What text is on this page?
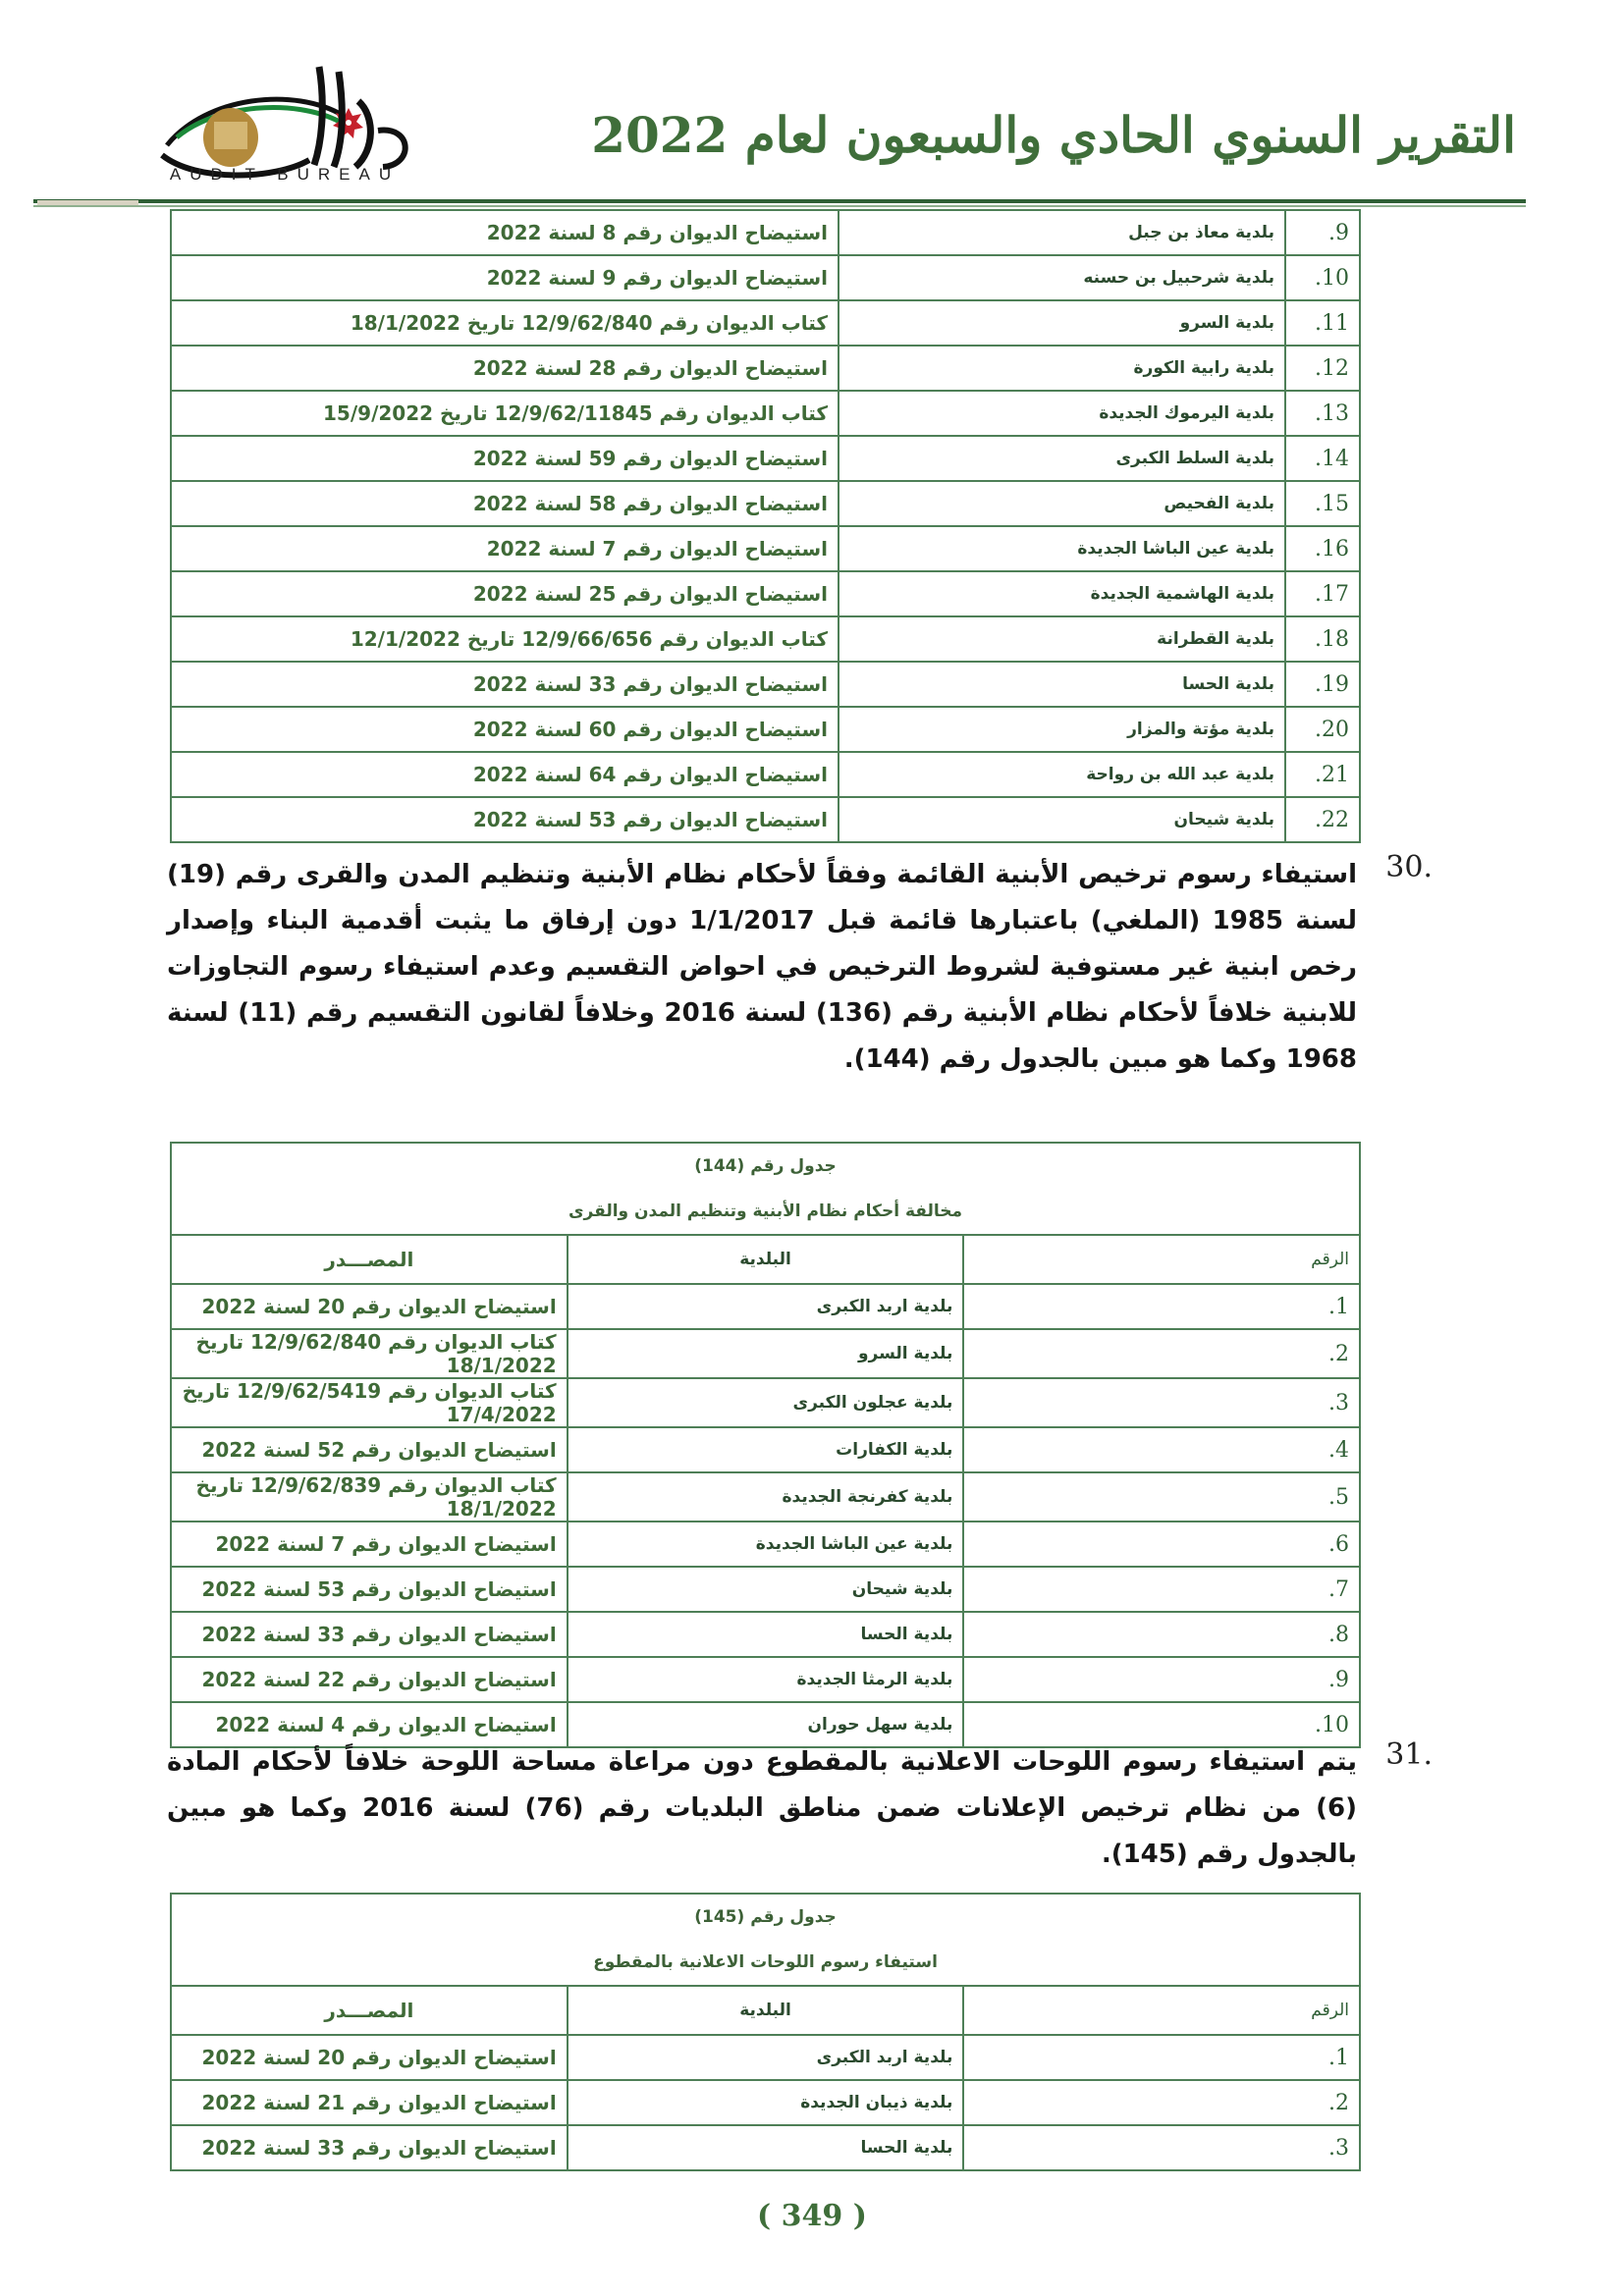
AUDIT BUREAU
التقرير السنوي الحادي والسبعون لعام 2022
9.	بلدية معاذ بن جبل	استيضاح الديوان رقم 8 لسنة 2022
10.	بلدية شرحبيل بن حسنه	استيضاح الديوان رقم 9 لسنة 2022
11.	بلدية السرو	كتاب الديوان رقم 12/9/62/840 تاريخ 18/1/2022
12.	بلدية رابية الكورة	استيضاح الديوان رقم 28 لسنة 2022
13.	بلدية اليرموك الجديدة	كتاب الديوان رقم 12/9/62/11845 تاريخ 15/9/2022
14.	بلدية السلط الكبرى	استيضاح الديوان رقم 59 لسنة 2022
15.	بلدية الفحيص	استيضاح الديوان رقم 58 لسنة 2022
16.	بلدية عين الباشا الجديدة	استيضاح الديوان رقم 7 لسنة 2022
17.	بلدية الهاشمية الجديدة	استيضاح الديوان رقم 25 لسنة 2022
18.	بلدية القطرانة	كتاب الديوان رقم 12/9/66/656 تاريخ 12/1/2022
19.	بلدية الحسا	استيضاح الديوان رقم 33 لسنة 2022
20.	بلدية مؤتة والمزار	استيضاح الديوان رقم 60 لسنة 2022
21.	بلدية عبد الله بن رواحة	استيضاح الديوان رقم 64 لسنة 2022
22.	بلدية شيحان	استيضاح الديوان رقم 53 لسنة 2022
30.
استيفاء رسوم ترخيص الأبنية القائمة وفقاً لأحكام نظام الأبنية وتنظيم المدن والقرى رقم (19) لسنة 1985 (الملغي) باعتبارها قائمة قبل 1/1/2017 دون إرفاق ما يثبت أقدمية البناء وإصدار رخص ابنية غير مستوفية لشروط الترخيص في احواض التقسيم وعدم استيفاء رسوم التجاوزات للابنية خلافاً لأحكام نظام الأبنية رقم (136) لسنة 2016 وخلافاً لقانون التقسيم رقم (11) لسنة 1968 وكما هو مبين بالجدول رقم (144).
جدول رقم (144)
مخالفة أحكام نظام الأبنية وتنظيم المدن والقرى		

الرقم	البلدية	المصـــدر
1.	بلدية اربد الكبرى	استيضاح الديوان رقم 20 لسنة 2022
2.	بلدية السرو	كتاب الديوان رقم 12/9/62/840 تاريخ 18/1/2022
3.	بلدية عجلون الكبرى	كتاب الديوان رقم 12/9/62/5419 تاريخ 17/4/2022
4.	بلدية الكفارات	استيضاح الديوان رقم 52 لسنة 2022
5.	بلدية كفرنجة الجديدة	كتاب الديوان رقم 12/9/62/839 تاريخ 18/1/2022
6.	بلدية عين الباشا الجديدة	استيضاح الديوان رقم 7 لسنة 2022
7.	بلدية شيحان	استيضاح الديوان رقم 53 لسنة 2022
8.	بلدية الحسا	استيضاح الديوان رقم 33 لسنة 2022
9.	بلدية الرمثا الجديدة	استيضاح الديوان رقم 22 لسنة 2022
10.	بلدية سهل حوران	استيضاح الديوان رقم 4 لسنة 2022
31.
يتم استيفاء رسوم اللوحات الاعلانية بالمقطوع دون مراعاة مساحة اللوحة خلافاً لأحكام المادة (6) من نظام ترخيص الإعلانات ضمن مناطق البلديات رقم (76) لسنة 2016 وكما هو مبين بالجدول رقم (145).
جدول رقم (145)
استيفاء رسوم اللوحات الاعلانية بالمقطوع		

الرقم	البلدية	المصـــدر
1.	بلدية اربد الكبرى	استيضاح الديوان رقم 20 لسنة 2022
2.	بلدية ذيبان الجديدة	استيضاح الديوان رقم 21 لسنة 2022
3.	بلدية الحسا	استيضاح الديوان رقم 33 لسنة 2022
( 349 )
